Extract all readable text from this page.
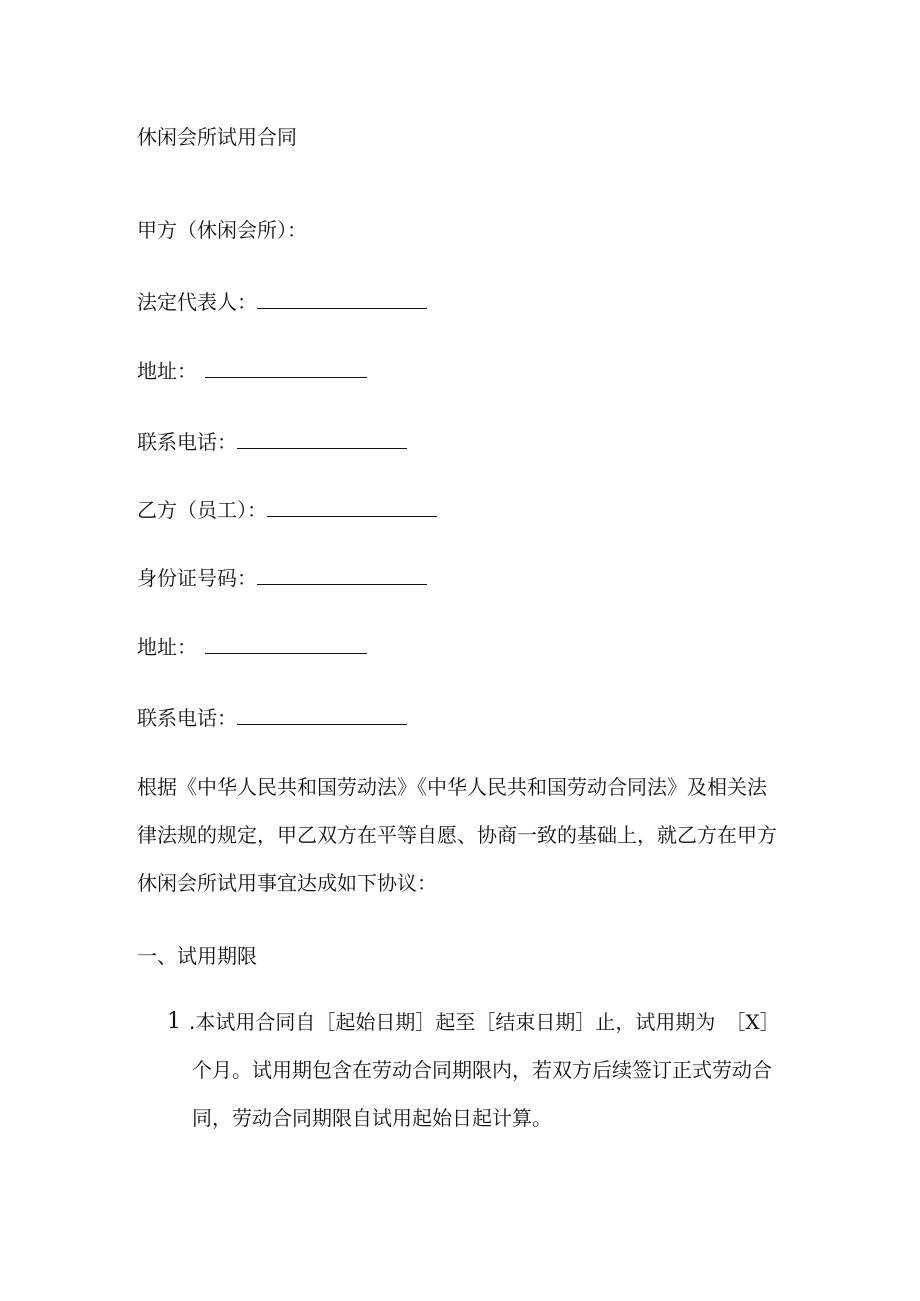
休闲会所试用合同
甲方（休闲会所）：
法定代表人：
地址：
联系电话：
乙方（员工）：
身份证号码：
地址：
联系电话：
根据《中华人民共和国劳动法》《中华人民共和国劳动合同法》及相关法
律法规的规定，甲乙双方在平等自愿、协商一致的基础上，就乙方在甲方
休闲会所试用事宜达成如下协议：
一、试用期限
1 .本试用合同自［起始日期］起至［结束日期］止，试用期为 ［X］
个月。试用期包含在劳动合同期限内，若双方后续签订正式劳动合
同，劳动合同期限自试用起始日起计算。
